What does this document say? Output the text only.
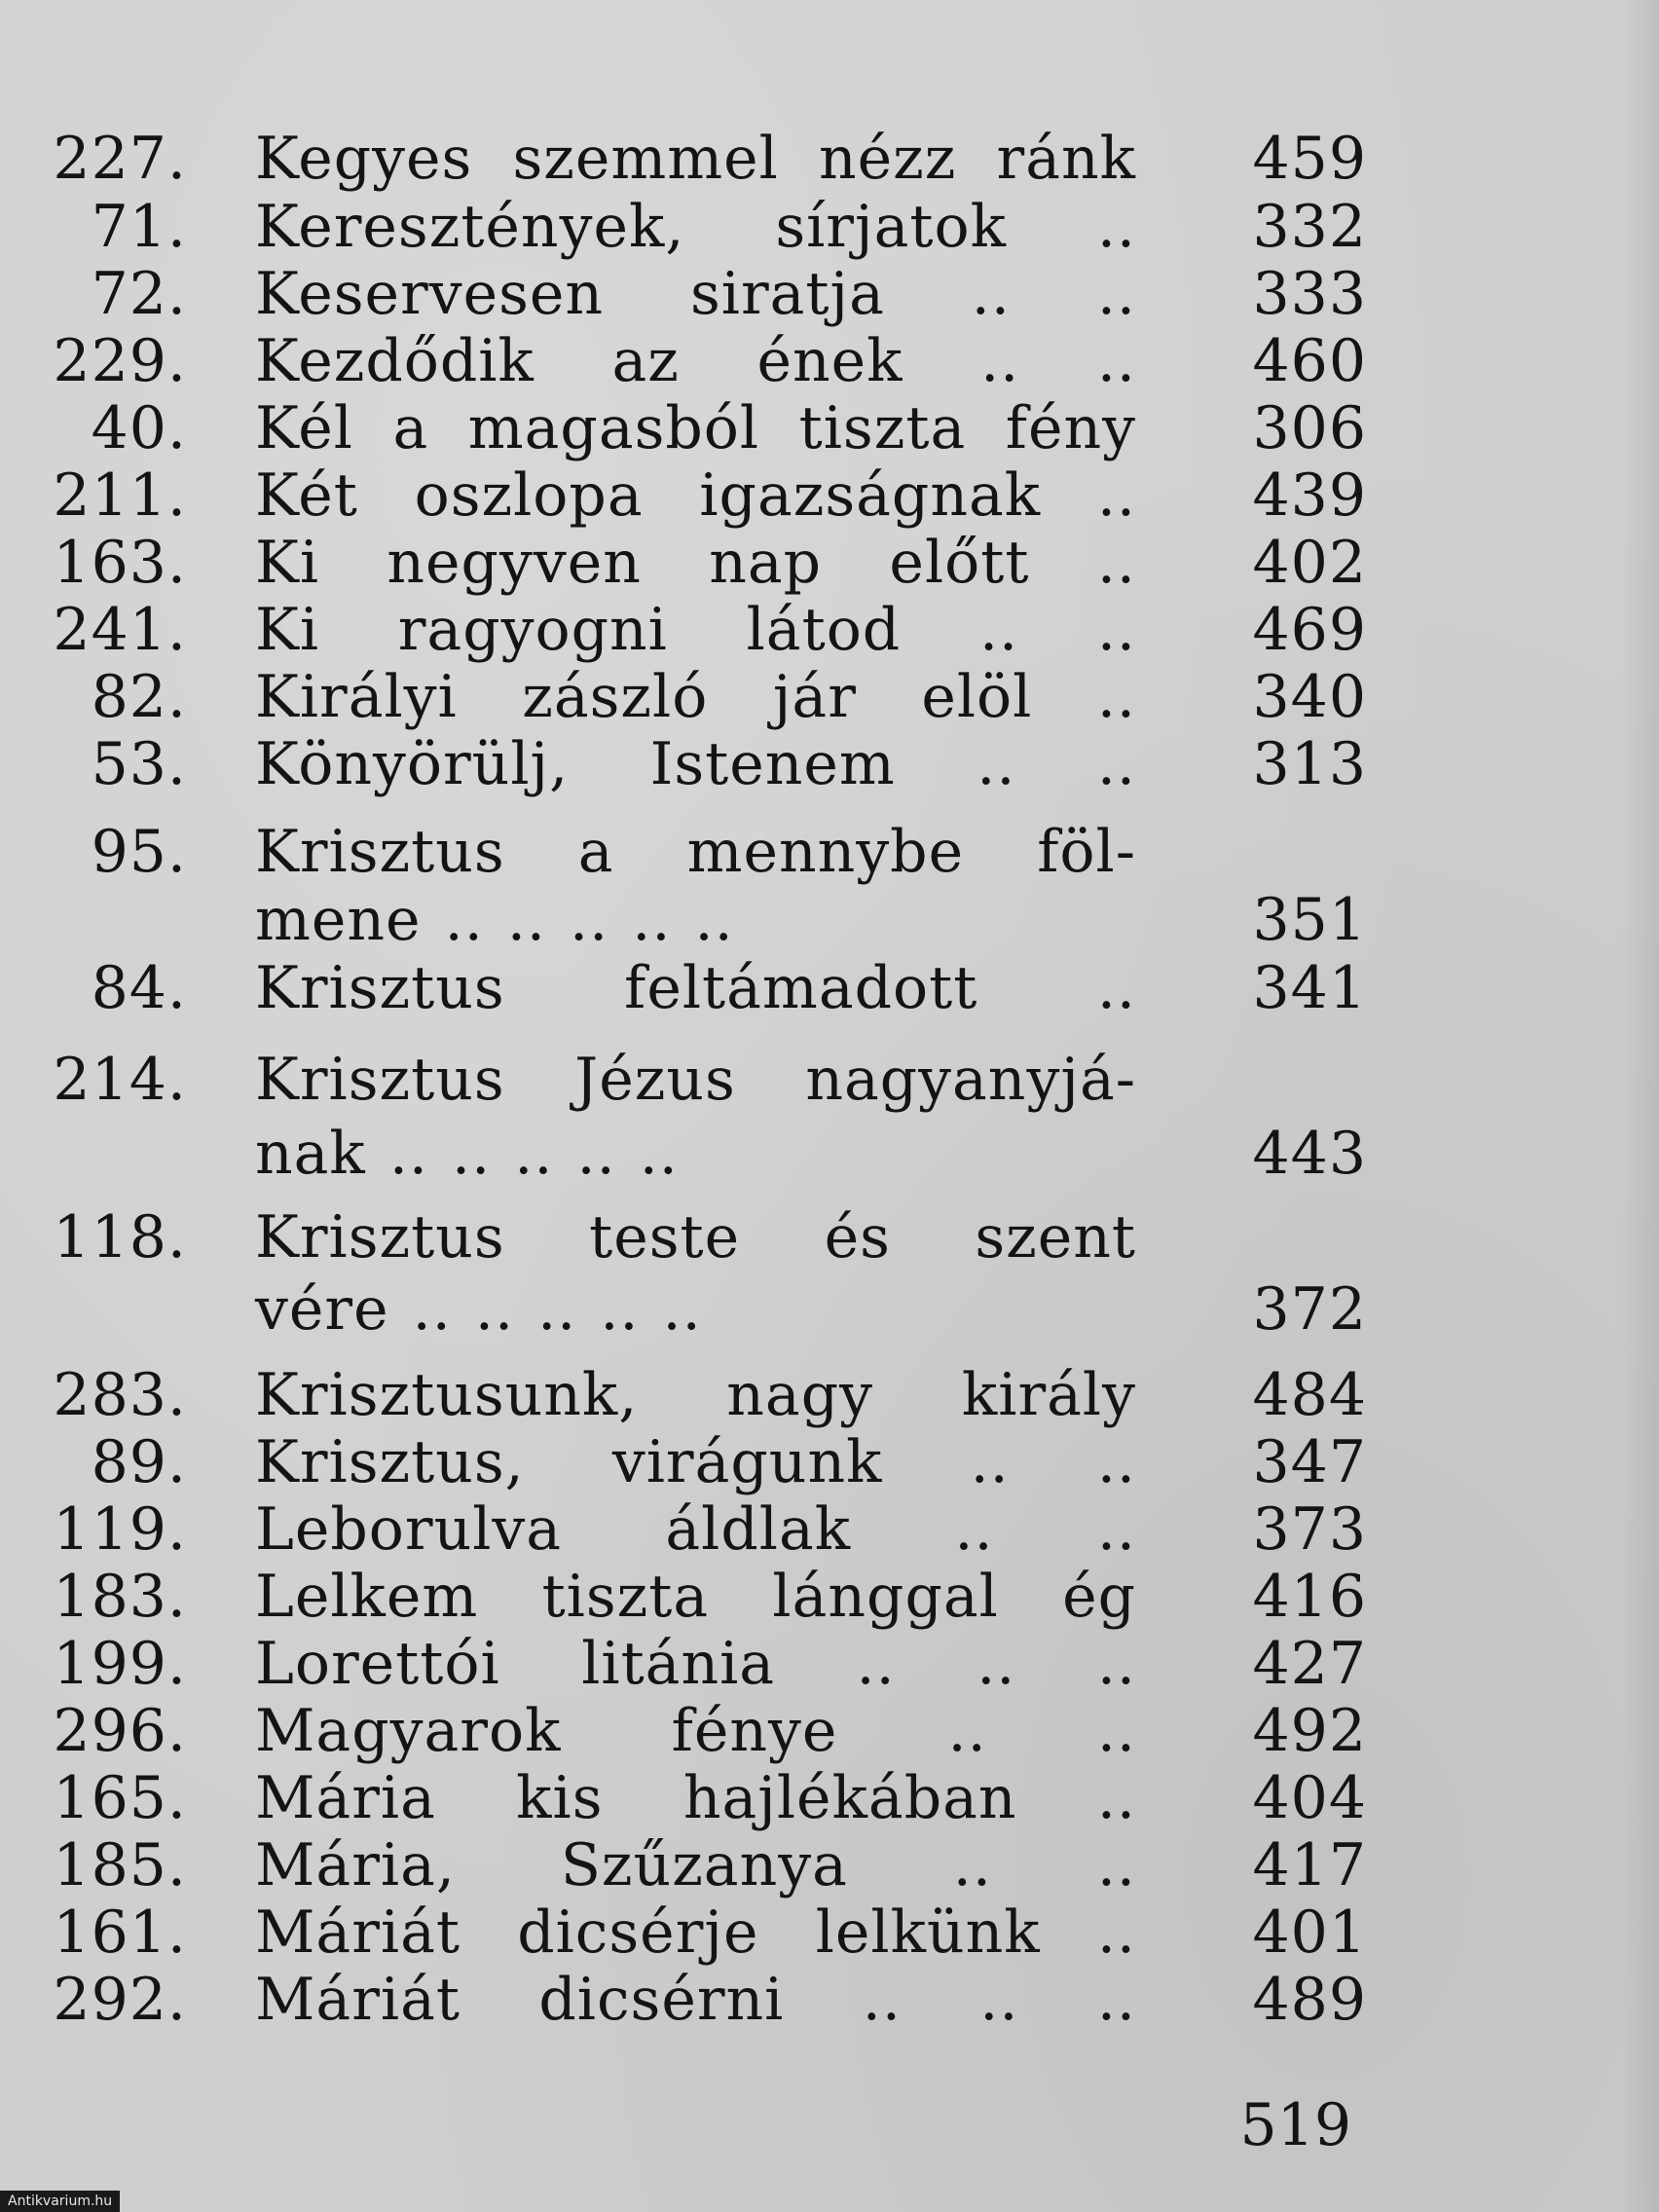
227. Kegyes szemmel nézz ránk 459
71. Keresztények, sírjatok .. 332
72. Keservesen siratja .. .. 333
229. Kezdődik az ének .. .. 460
40. Kél a magasból tiszta fény 306
211. Két oszlopa igazságnak .. 439
163. Ki negyven nap előtt .. 402
241. Ki ragyogni látod .. .. 469
82. Királyi zászló jár elöl .. 340
53. Könyörülj, Istenem .. .. 313
95. Krisztus a mennybe föl-
mene .. .. .. .. ..	351
84. Krisztus feltámadott .. 341
214. Krisztus Jézus nagyanyjá-
nak .. .. .. .. ..	443
118. Krisztus teste és szent
vére .. .. .. .. ..	372
283. Krisztusunk, nagy király 484
89. Krisztus, virágunk .. .. 347
119. Leborulva áldlak .. .. 373
183. Lelkem tiszta lánggal ég 416
199. Lorettói litánia .. .. .. 427
296. Magyarok fénye .. .. 492
165. Mária kis hajlékában .. 404
185. Mária, Szűzanya .. .. 417
161. Máriát dicsérje lelkünk .. 401
292. Máriát dicsérni .. .. .. 489
519
Antikvarium.hu
